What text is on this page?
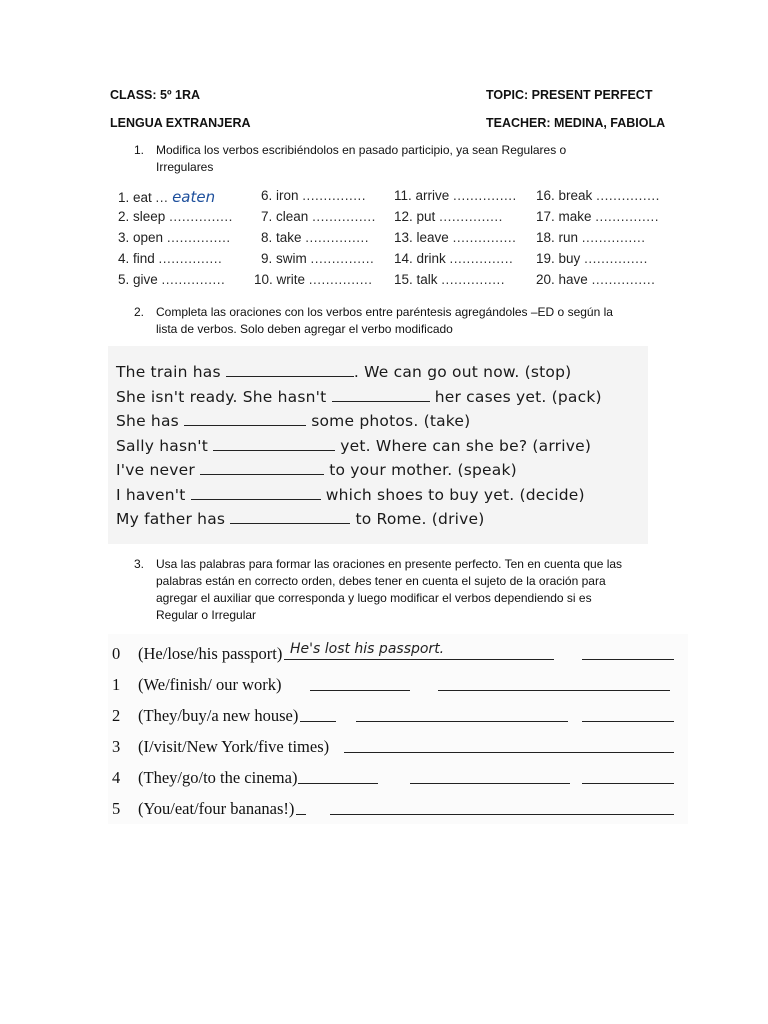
CLASS: 5º 1RA	TOPIC: PRESENT PERFECT
LENGUA EXTRANJERA	TEACHER: MEDINA, FABIOLA
1. Modifica los verbos escribiéndolos en pasado participio, ya sean Regulares o
Irregulares
1. eat ... eaten
2. sleep ...............
3. open ...............
4. find ...............
5. give ...............
6. iron ...............
7. clean ...............
8. take ...............
9. swim ...............
10. write ...............
11. arrive ...............
12. put ...............
13. leave ...............
14. drink ...............
15. talk ...............
16. break ...............
17. make ...............
18. run ...............
19. buy ...............
20. have ...............
2. Completa las oraciones con los verbos entre paréntesis agregándoles –ED o según la
lista de verbos. Solo deben agregar el verbo modificado
The train has	. We can go out now. (stop)
She isn't ready. She hasn't	her cases yet. (pack)
She has	some photos. (take)
Sally hasn't	yet. Where can she be? (arrive)
I've never	to your mother. (speak)
I haven't	which shoes to buy yet. (decide)
My father has	to Rome. (drive)
3. Usa las palabras para formar las oraciones en presente perfecto. Ten en cuenta que las
palabras están en correcto orden, debes tener en cuenta el sujeto de la oración para
agregar el auxiliar que corresponda y luego modificar el verbos dependiendo si es
Regular o Irregular
0 (He/lose/his passport) He's lost his passport.
1 (We/finish/ our work)
2 (They/buy/a new house)
3 (I/visit/New York/five times)
4 (They/go/to the cinema)
5 (You/eat/four bananas!)
